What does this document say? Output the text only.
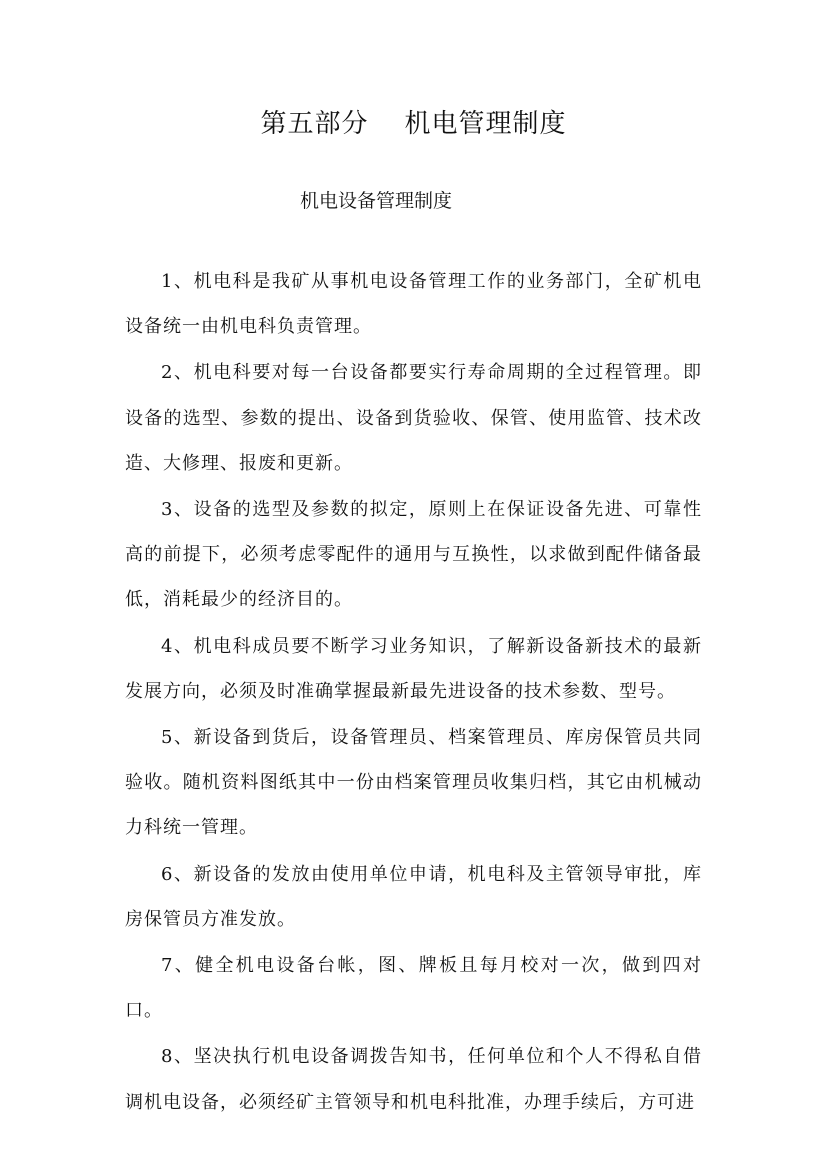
第五部分 机电管理制度
机电设备管理制度

1、机电科是我矿从事机电设备管理工作的业务部门，全矿机电设备统一由机电科负责管理。

2、机电科要对每一台设备都要实行寿命周期的全过程管理。即设备的选型、参数的提出、设备到货验收、保管、使用监管、技术改造、大修理、报废和更新。

3、设备的选型及参数的拟定，原则上在保证设备先进、可靠性高的前提下，必须考虑零配件的通用与互换性，以求做到配件储备最低，消耗最少的经济目的。

4、机电科成员要不断学习业务知识，了解新设备新技术的最新发展方向，必须及时准确掌握最新最先进设备的技术参数、型号。

5、新设备到货后，设备管理员、档案管理员、库房保管员共同验收。随机资料图纸其中一份由档案管理员收集归档，其它由机械动力科统一管理。

6、新设备的发放由使用单位申请，机电科及主管领导审批，库房保管员方准发放。

7、健全机电设备台帐，图、牌板且每月校对一次，做到四对口。

8、坚决执行机电设备调拨告知书，任何单位和个人不得私自借调机电设备，必须经矿主管领导和机电科批准，办理手续后，方可进
